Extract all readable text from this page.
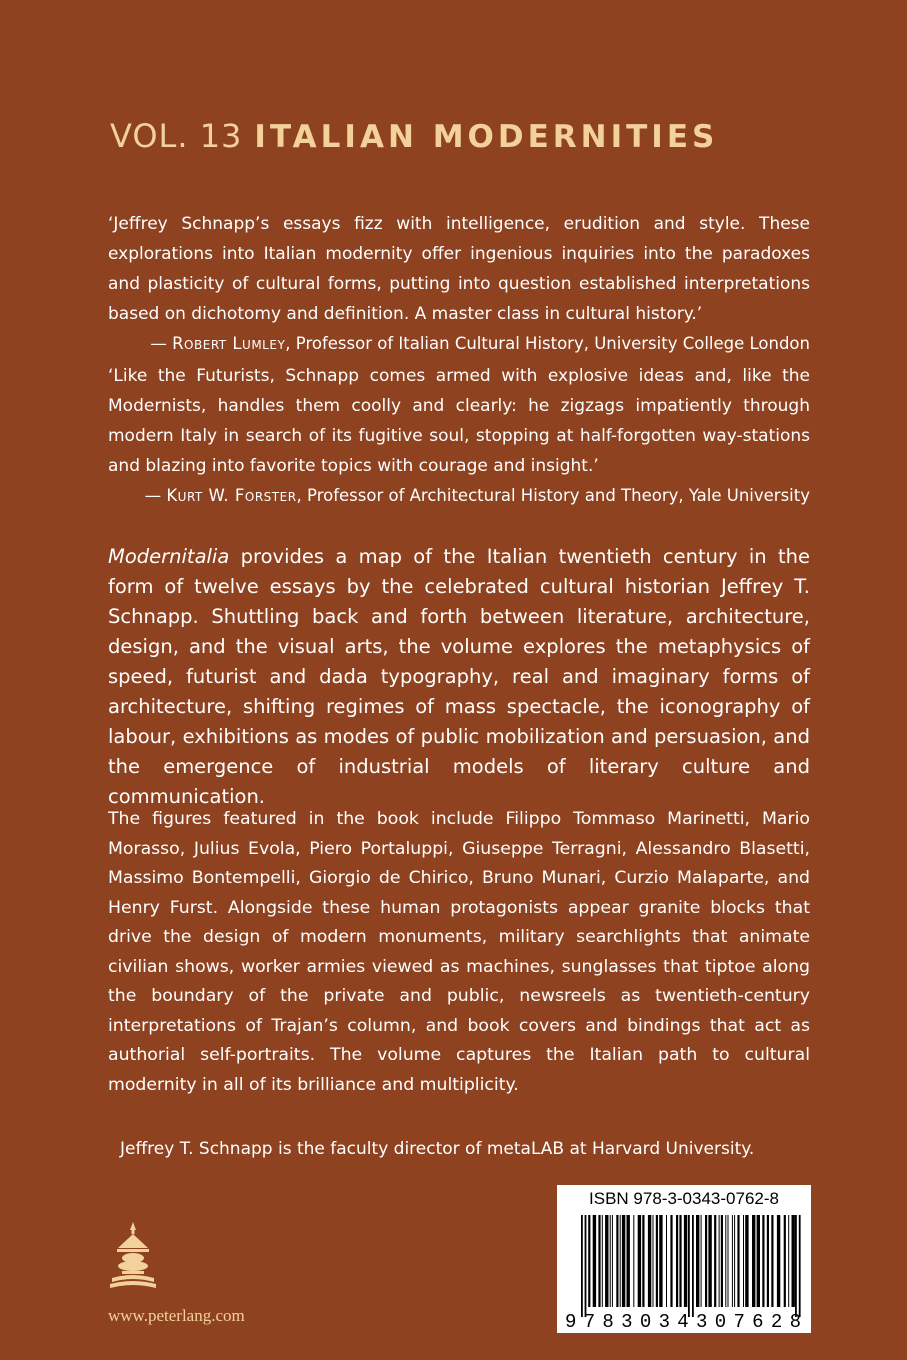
VOL. 13 ITALIAN MODERNITIES
‘Jeffrey Schnapp’s essays fizz with intelligence, erudition and style. These explorations into Italian modernity offer ingenious inquiries into the paradoxes and plasticity of cultural forms, putting into question established interpretations based on dichotomy and definition. A master class in cultural history.’
— Robert Lumley, Professor of Italian Cultural History, University College London
‘Like the Futurists, Schnapp comes armed with explosive ideas and, like the Modernists, handles them coolly and clearly: he zigzags impatiently through modern Italy in search of its fugitive soul, stopping at half-forgotten way-stations and blazing into favorite topics with courage and insight.’
— Kurt W. Forster, Professor of Architectural History and Theory, Yale University
Modernitalia provides a map of the Italian twentieth century in the form of twelve essays by the celebrated cultural historian Jeffrey T. Schnapp. Shuttling back and forth between literature, architecture, design, and the visual arts, the volume explores the metaphysics of speed, futurist and dada typography, real and imaginary forms of architecture, shifting regimes of mass spectacle, the iconography of labour, exhibitions as modes of public mobilization and persuasion, and the emergence of industrial models of literary culture and communication.
The figures featured in the book include Filippo Tommaso Marinetti, Mario Morasso, Julius Evola, Piero Portaluppi, Giuseppe Terragni, Alessandro Blasetti, Massimo Bontempelli, Giorgio de Chirico, Bruno Munari, Curzio Malaparte, and Henry Furst. Alongside these human protagonists appear granite blocks that drive the design of modern monuments, military searchlights that animate civilian shows, worker armies viewed as machines, sunglasses that tiptoe along the boundary of the private and public, newsreels as twentieth-century interpretations of Trajan’s column, and book covers and bindings that act as authorial self-portraits. The volume captures the Italian path to cultural modernity in all of its brilliance and multiplicity.
Jeffrey T. Schnapp is the faculty director of metaLAB at Harvard University.
ISBN 978-3-0343-0762-8
9783034307628
www.peterlang.com
